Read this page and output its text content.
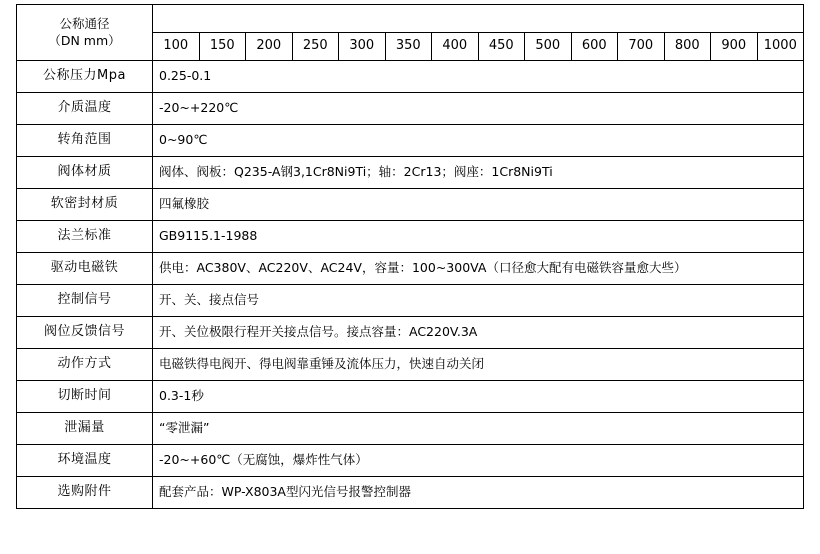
公称通径
（DN mm）														

	100	150	200	250	300	350	400	450	500	600	700	800	900	1000
公称压力Mpa	0.25-0.1													
介质温度	-20~+220℃													
转角范围	0~90℃													
阀体材质	阀体、阀板：Q235-A钢3,1Cr8Ni9Ti；轴：2Cr13；阀座：1Cr8Ni9Ti													
软密封材质	四氟橡胶													
法兰标准	GB9115.1-1988													
驱动电磁铁	供电：AC380V、AC220V、AC24V，容量：100~300VA（口径愈大配有电磁铁容量愈大些）													
控制信号	开、关、接点信号													
阀位反馈信号	开、关位极限行程开关接点信号。接点容量：AC220V.3A													
动作方式	电磁铁得电阀开、得电阀靠重锤及流体压力，快速自动关闭													
切断时间	0.3-1秒													
泄漏量	“零泄漏”													
环境温度	-20~+60℃（无腐蚀，爆炸性气体）													
选购附件	配套产品：WP-X803A型闪光信号报警控制器													
